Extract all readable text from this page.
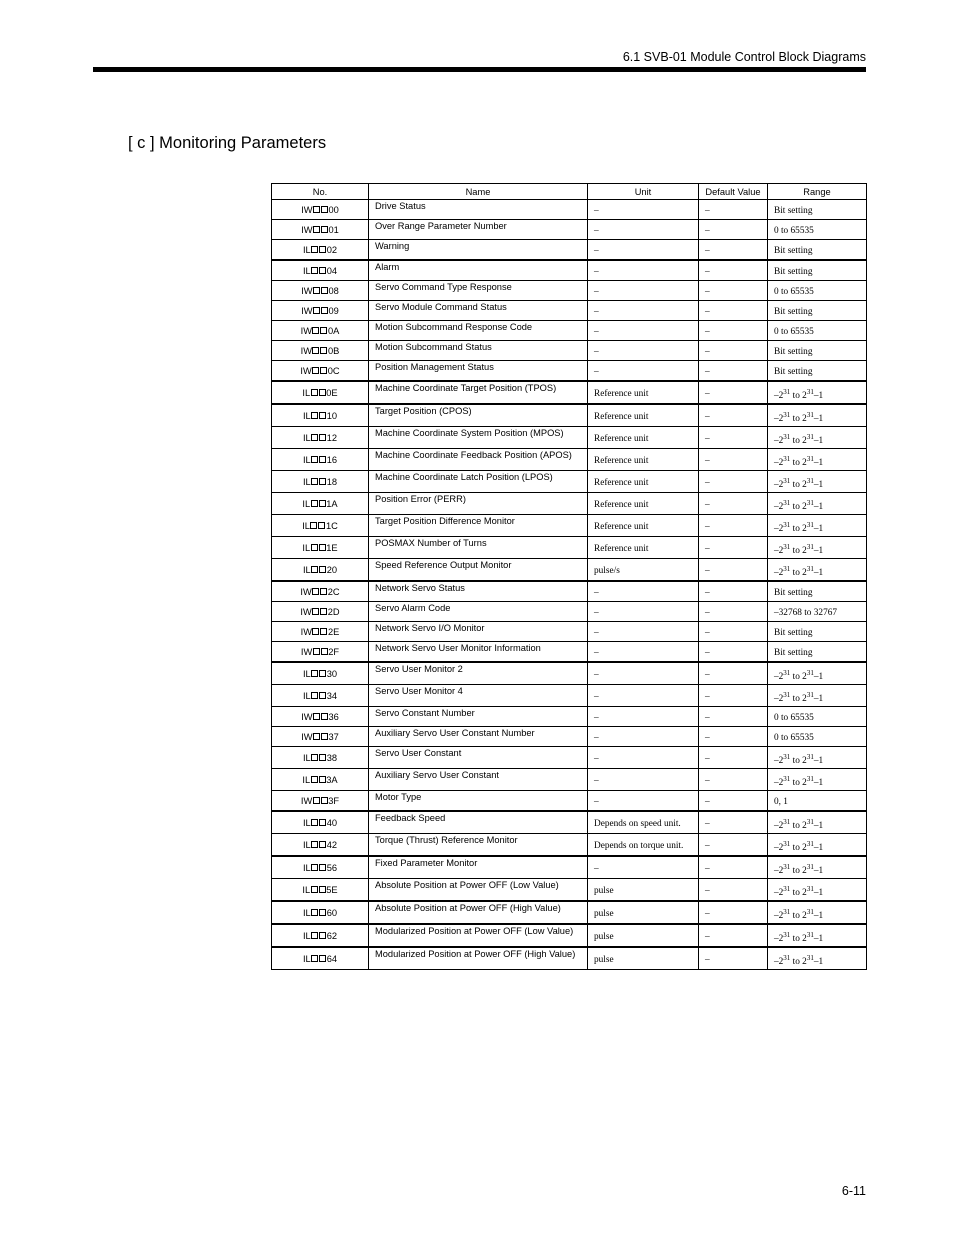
6.1 SVB-01 Module Control Block Diagrams
[ c ] Monitoring Parameters
No.	Name	Unit	Default Value	Range
IW 00	Drive Status	–	–	Bit setting
IW 01	Over Range Parameter Number	–	–	0 to 65535
IL 02	Warning	–	–	Bit setting
IL 04	Alarm	–	–	Bit setting
IW 08	Servo Command Type Response	–	–	0 to 65535
IW 09	Servo Module Command Status	–	–	Bit setting
IW 0A	Motion Subcommand Response Code	–	–	0 to 65535
IW 0B	Motion Subcommand Status	–	–	Bit setting
IW 0C	Position Management Status	–	–	Bit setting
IL 0E	Machine Coordinate Target Position (TPOS)	Reference unit	–	$-2^{31}$ to $2^{31}-1$
IL 10	Target Position (CPOS)	Reference unit	–	$-2^{31}$ to $2^{31}-1$
IL 12	Machine Coordinate System Position (MPOS)	Reference unit	–	$-2^{31}$ to $2^{31}-1$
IL 16	Machine Coordinate Feedback Position (APOS)	Reference unit	–	$-2^{31}$ to $2^{31}-1$
IL 18	Machine Coordinate Latch Position (LPOS)	Reference unit	–	$-2^{31}$ to $2^{31}-1$
IL 1A	Position Error (PERR)	Reference unit	–	$-2^{31}$ to $2^{31}-1$
IL 1C	Target Position Difference Monitor	Reference unit	–	$-2^{31}$ to $2^{31}-1$
IL 1E	POSMAX Number of Turns	Reference unit	–	$-2^{31}$ to $2^{31}-1$
IL 20	Speed Reference Output Monitor	pulse/s	–	$-2^{31}$ to $2^{31}-1$
IW 2C	Network Servo Status	–	–	Bit setting
IW 2D	Servo Alarm Code	–	–	–32768 to 32767
IW 2E	Network Servo I/O Monitor	–	–	Bit setting
IW 2F	Network Servo User Monitor Information	–	–	Bit setting
IL 30	Servo User Monitor 2	–	–	$-2^{31}$ to $2^{31}-1$
IL 34	Servo User Monitor 4	–	–	$-2^{31}$ to $2^{31}-1$
IW 36	Servo Constant Number	–	–	0 to 65535
IW 37	Auxiliary Servo User Constant Number	–	–	0 to 65535
IL 38	Servo User Constant	–	–	$-2^{31}$ to $2^{31}-1$
IL 3A	Auxiliary Servo User Constant	–	–	$-2^{31}$ to $2^{31}-1$
IW 3F	Motor Type	–	–	0, 1
IL 40	Feedback Speed	Depends on speed unit.	–	$-2^{31}$ to $2^{31}-1$
IL 42	Torque (Thrust) Reference Monitor	Depends on torque unit.	–	$-2^{31}$ to $2^{31}-1$
IL 56	Fixed Parameter Monitor	–	–	$-2^{31}$ to $2^{31}-1$
IL 5E	Absolute Position at Power OFF (Low Value)	pulse	–	$-2^{31}$ to $2^{31}-1$
IL 60	Absolute Position at Power OFF (High Value)	pulse	–	$-2^{31}$ to $2^{31}-1$
IL 62	Modularized Position at Power OFF (Low Value)	pulse	–	$-2^{31}$ to $2^{31}-1$
IL 64	Modularized Position at Power OFF (High Value)	pulse	–	$-2^{31}$ to $2^{31}-1$
6-11
